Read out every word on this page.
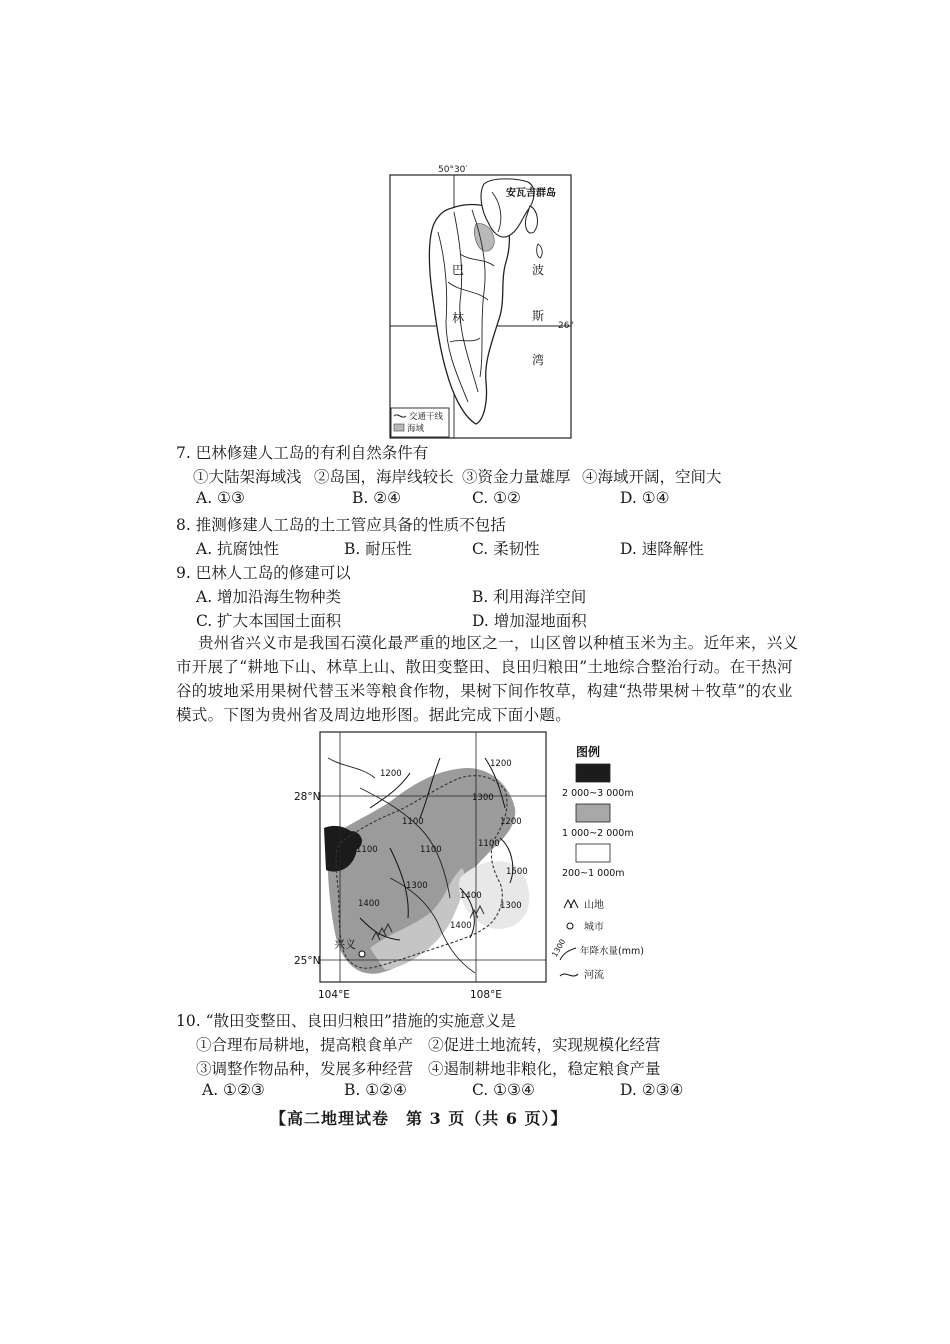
50°30′
26°
安瓦吉群岛
巴
林
波
斯
湾
交通干线
海域
7. 巴林修建人工岛的有利自然条件有
①大陆架海域浅 ②岛国，海岸线较长 ③资金力量雄厚 ④海域开阔，空间大
A. ①③	B. ②④	C. ①②	D. ①④
8. 推测修建人工岛的土工管应具备的性质不包括
A. 抗腐蚀性	B. 耐压性	C. 柔韧性	D. 速降解性
9. 巴林人工岛的修建可以
A. 增加沿海生物种类	B. 利用海洋空间
C. 扩大本国国土面积	D. 增加湿地面积
贵州省兴义市是我国石漠化最严重的地区之一，山区曾以种植玉米为主。近年来，兴义
市开展了“耕地下山、林草上山、散田变整田、良田归粮田”土地综合整治行动。在干热河
谷的坡地采用果树代替玉米等粮食作物，果树下间作牧草，构建“热带果树＋牧草”的农业
模式。下图为贵州省及周边地形图。据此完成下面小题。
28°N
25°N
104°E	108°E
1200
1100
1200
1300
1100
1400
1100
1300
1400
1200
1500
1100
1300
1400
兴义
图例
2 000~3 000m
1 000~2 000m
200~1 000m
山地
城市
1300 年降水量(mm)
河流
10. “散田变整田、良田归粮田”措施的实施意义是
①合理布局耕地，提高粮食单产 ②促进土地流转，实现规模化经营
③调整作物品种，发展多种经营 ④遏制耕地非粮化，稳定粮食产量
A. ①②③	B. ①②④	C. ①③④	D. ②③④
【高二地理试卷　第 3 页（共 6 页）】
